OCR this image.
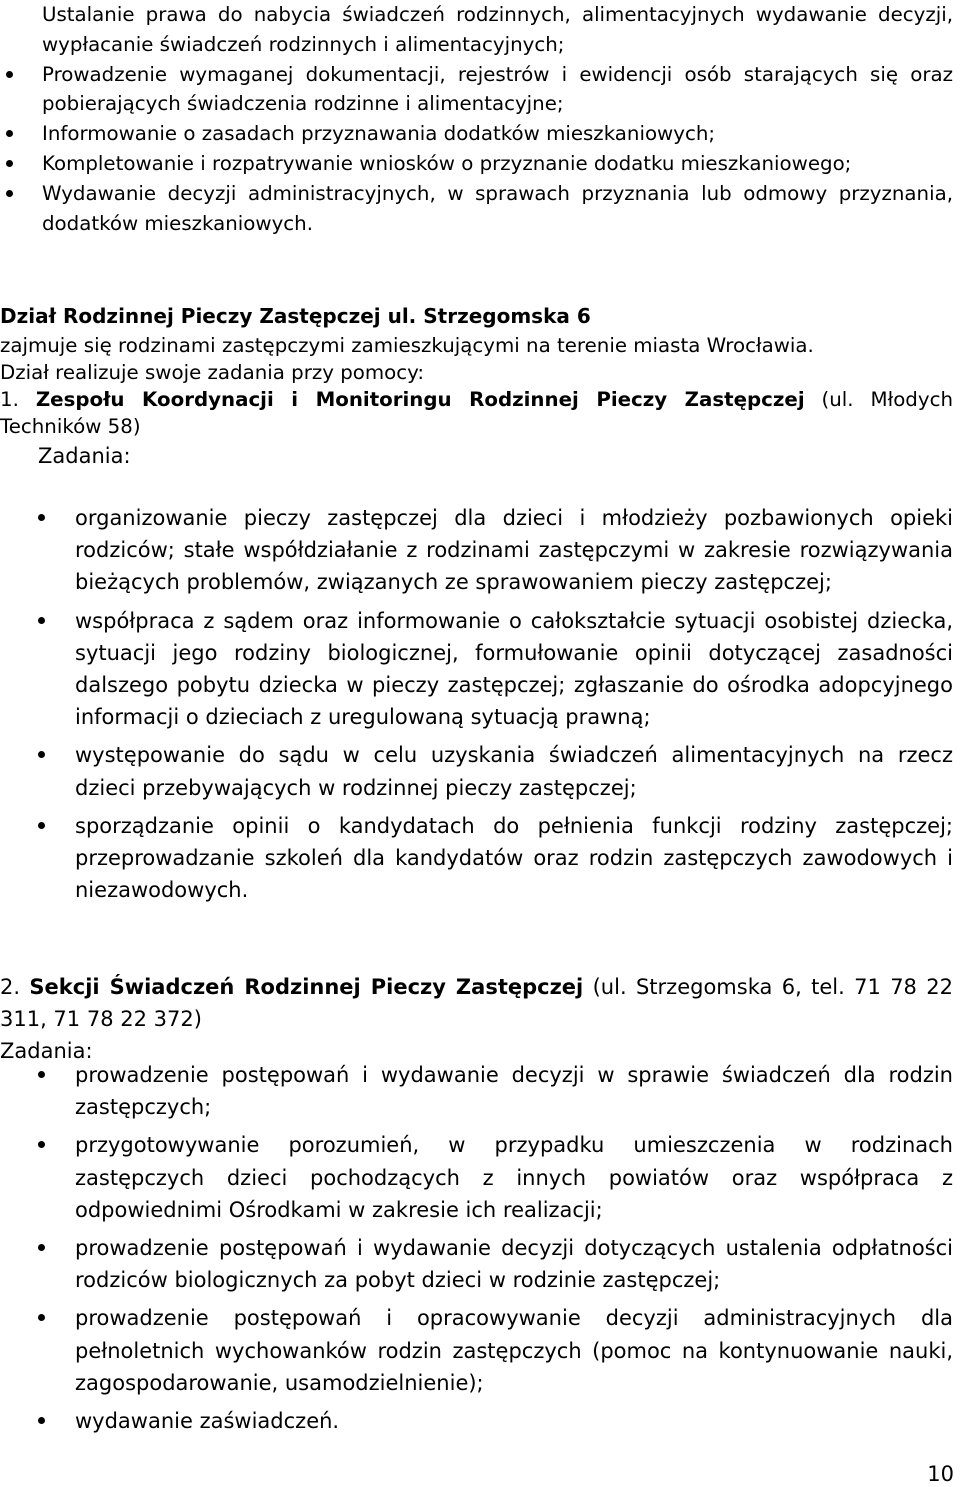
Ustalanie prawa do nabycia świadczeń rodzinnych, alimentacyjnych wydawanie decyzji, wypłacanie świadczeń rodzinnych i alimentacyjnych;

Prowadzenie wymaganej dokumentacji, rejestrów i ewidencji osób starających się oraz pobierających świadczenia rodzinne i alimentacyjne;

Informowanie o zasadach przyznawania dodatków mieszkaniowych;

Kompletowanie i rozpatrywanie wniosków o przyznanie dodatku mieszkaniowego;

Wydawanie decyzji administracyjnych, w sprawach przyznania lub odmowy przyznania, dodatków mieszkaniowych.

Dział Rodzinnej Pieczy Zastępczej ul. Strzegomska 6

zajmuje się rodzinami zastępczymi zamieszkującymi na terenie miasta Wrocławia.

Dział realizuje swoje zadania przy pomocy:

1. Zespołu Koordynacji i Monitoringu Rodzinnej Pieczy Zastępczej (ul. Młodych Techników 58)

Zadania:

organizowanie pieczy zastępczej dla dzieci i młodzieży pozbawionych opieki rodziców; stałe współdziałanie z rodzinami zastępczymi w zakresie rozwiązywania bieżących problemów, związanych ze sprawowaniem pieczy zastępczej;

współpraca z sądem oraz informowanie o całokształcie sytuacji osobistej dziecka, sytuacji jego rodziny biologicznej, formułowanie opinii dotyczącej zasadności dalszego pobytu dziecka w pieczy zastępczej; zgłaszanie do ośrodka adopcyjnego informacji o dzieciach z uregulowaną sytuacją prawną;

występowanie do sądu w celu uzyskania świadczeń alimentacyjnych na rzecz dzieci przebywających w rodzinnej pieczy zastępczej;

sporządzanie opinii o kandydatach do pełnienia funkcji rodziny zastępczej; przeprowadzanie szkoleń dla kandydatów oraz rodzin zastępczych zawodowych i niezawodowych.

2. Sekcji Świadczeń Rodzinnej Pieczy Zastępczej (ul. Strzegomska 6, tel. 71 78 22 311, 71 78 22 372)

Zadania:

prowadzenie postępowań i wydawanie decyzji w sprawie świadczeń dla rodzin zastępczych;

przygotowywanie porozumień, w przypadku umieszczenia w rodzinach zastępczych dzieci pochodzących z innych powiatów oraz współpraca z odpowiednimi Ośrodkami w zakresie ich realizacji;

prowadzenie postępowań i wydawanie decyzji dotyczących ustalenia odpłatności rodziców biologicznych za pobyt dzieci w rodzinie zastępczej;

prowadzenie postępowań i opracowywanie decyzji administracyjnych dla pełnoletnich wychowanków rodzin zastępczych (pomoc na kontynuowanie nauki, zagospodarowanie, usamodzielnienie);

wydawanie zaświadczeń.

10
